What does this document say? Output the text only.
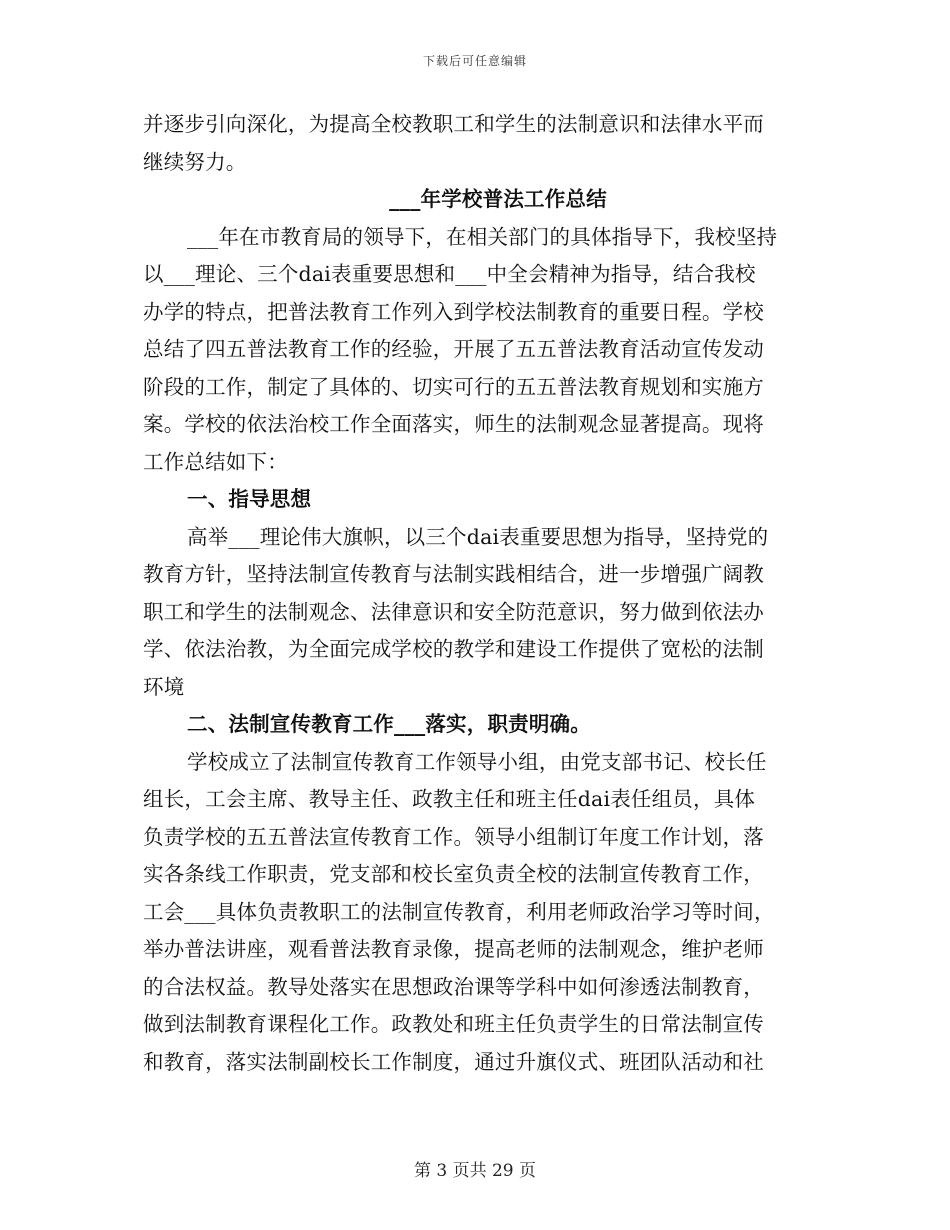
下载后可任意编辑
并逐步引向深化，为提高全校教职工和学生的法制意识和法律水平而
继续努力。
___年学校普法工作总结
___年在市教育局的领导下，在相关部门的具体指导下，我校坚持
以___理论、三个dai表重要思想和___中全会精神为指导，结合我校
办学的特点，把普法教育工作列入到学校法制教育的重要日程。学校
总结了四五普法教育工作的经验，开展了五五普法教育活动宣传发动
阶段的工作，制定了具体的、切实可行的五五普法教育规划和实施方
案。学校的依法治校工作全面落实，师生的法制观念显著提高。现将
工作总结如下：
一、指导思想
高举___理论伟大旗帜，以三个dai表重要思想为指导，坚持党的
教育方针，坚持法制宣传教育与法制实践相结合，进一步增强广阔教
职工和学生的法制观念、法律意识和安全防范意识，努力做到依法办
学、依法治教，为全面完成学校的教学和建设工作提供了宽松的法制
环境
二、法制宣传教育工作___落实，职责明确。
学校成立了法制宣传教育工作领导小组，由党支部书记、校长任
组长，工会主席、教导主任、政教主任和班主任dai表任组员，具体
负责学校的五五普法宣传教育工作。领导小组制订年度工作计划，落
实各条线工作职责，党支部和校长室负责全校的法制宣传教育工作，
工会___具体负责教职工的法制宣传教育，利用老师政治学习等时间，
举办普法讲座，观看普法教育录像，提高老师的法制观念，维护老师
的合法权益。教导处落实在思想政治课等学科中如何渗透法制教育，
做到法制教育课程化工作。政教处和班主任负责学生的日常法制宣传
和教育，落实法制副校长工作制度，通过升旗仪式、班团队活动和社
第 3 页共 29 页
